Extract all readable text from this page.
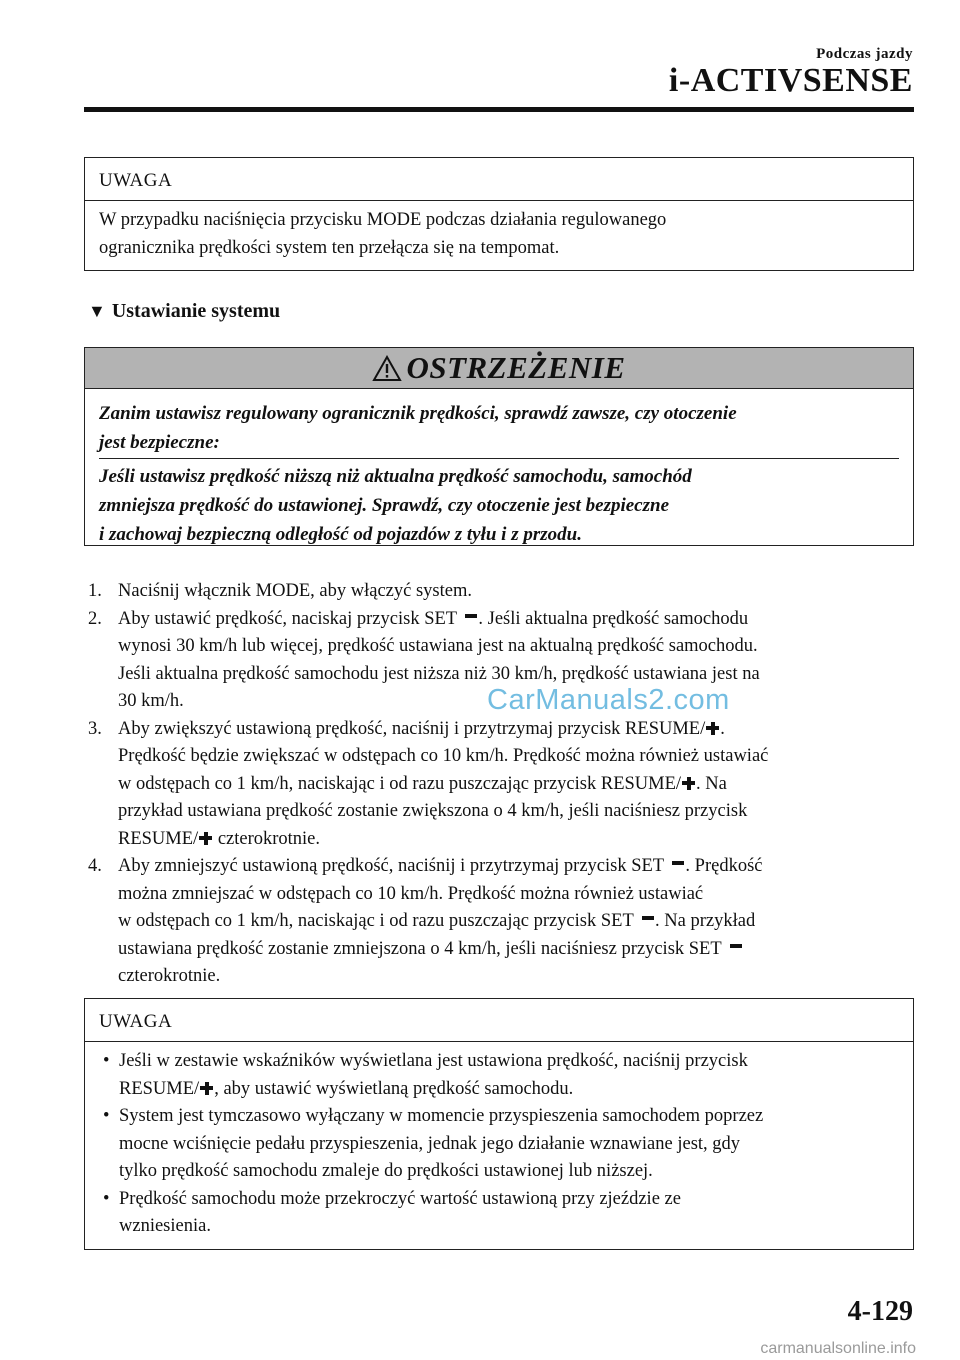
Podczas jazdy
i-ACTIVSENSE
UWAGA
W przypadku naciśnięcia przycisku MODE podczas działania regulowanego
ogranicznika prędkości system ten przełącza się na tempomat.
▼ Ustawianie systemu
OSTRZEŻENIE
Zanim ustawisz regulowany ogranicznik prędkości, sprawdź zawsze, czy otoczenie
jest bezpieczne:
Jeśli ustawisz prędkość niższą niż aktualna prędkość samochodu, samochód
zmniejsza prędkość do ustawionej. Sprawdź, czy otoczenie jest bezpieczne
i zachowaj bezpieczną odległość od pojazdów z tyłu i z przodu.
1. Naciśnij włącznik MODE, aby włączyć system.
2. Aby ustawić prędkość, naciskaj przycisk SET . Jeśli aktualna prędkość samochodu
wynosi 30 km/h lub więcej, prędkość ustawiana jest na aktualną prędkość samochodu.
Jeśli aktualna prędkość samochodu jest niższa niż 30 km/h, prędkość ustawiana jest na
30 km/h.
3. Aby zwiększyć ustawioną prędkość, naciśnij i przytrzymaj przycisk RESUME/ .
Prędkość będzie zwiększać w odstępach co 10 km/h. Prędkość można również ustawiać
w odstępach co 1 km/h, naciskając i od razu puszczając przycisk RESUME/ . Na
przykład ustawiana prędkość zostanie zwiększona o 4 km/h, jeśli naciśniesz przycisk
RESUME/ czterokrotnie.
4. Aby zmniejszyć ustawioną prędkość, naciśnij i przytrzymaj przycisk SET . Prędkość
można zmniejszać w odstępach co 10 km/h. Prędkość można również ustawiać
w odstępach co 1 km/h, naciskając i od razu puszczając przycisk SET . Na przykład
ustawiana prędkość zostanie zmniejszona o 4 km/h, jeśli naciśniesz przycisk SET
czterokrotnie.
CarManuals2.com
UWAGA
• Jeśli w zestawie wskaźników wyświetlana jest ustawiona prędkość, naciśnij przycisk
RESUME/ , aby ustawić wyświetlaną prędkość samochodu.
• System jest tymczasowo wyłączany w momencie przyspieszenia samochodem poprzez
mocne wciśnięcie pedału przyspieszenia, jednak jego działanie wznawiane jest, gdy
tylko prędkość samochodu zmaleje do prędkości ustawionej lub niższej.
• Prędkość samochodu może przekroczyć wartość ustawioną przy zjeździe ze
wzniesienia.
4-129
carmanualsonline.info
